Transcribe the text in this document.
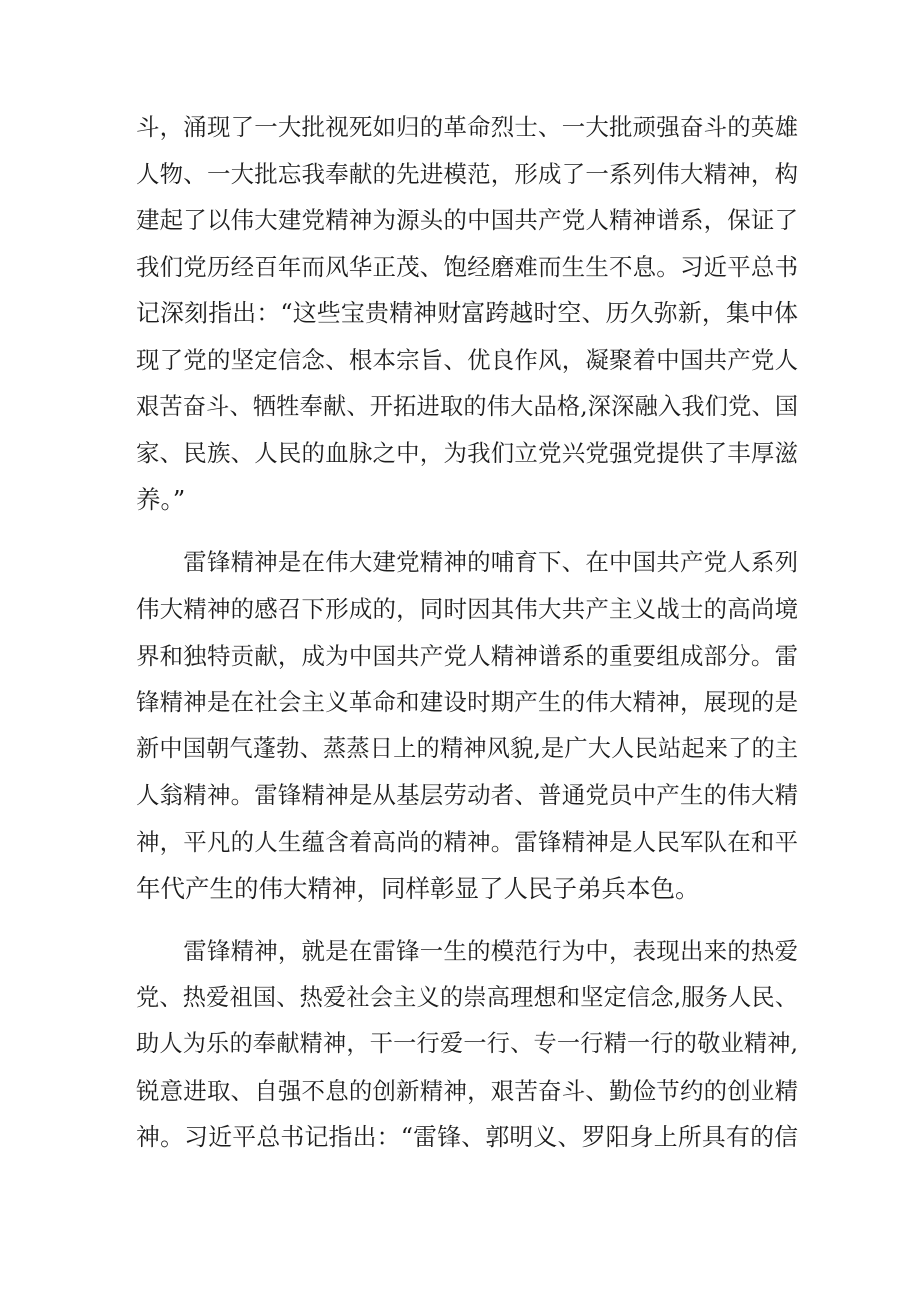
斗，涌现了一大批视死如归的革命烈士、一大批顽强奋斗的英雄
人物、一大批忘我奉献的先进模范，形成了一系列伟大精神，构
建起了以伟大建党精神为源头的中国共产党人精神谱系，保证了
我们党历经百年而风华正茂、饱经磨难而生生不息。习近平总书
记深刻指出：“这些宝贵精神财富跨越时空、历久弥新，集中体
现了党的坚定信念、根本宗旨、优良作风，凝聚着中国共产党人
艰苦奋斗、牺牲奉献、开拓进取的伟大品格,深深融入我们党、国
家、民族、人民的血脉之中，为我们立党兴党强党提供了丰厚滋
养。”

　　雷锋精神是在伟大建党精神的哺育下、在中国共产党人系列
伟大精神的感召下形成的，同时因其伟大共产主义战士的高尚境
界和独特贡献，成为中国共产党人精神谱系的重要组成部分。雷
锋精神是在社会主义革命和建设时期产生的伟大精神，展现的是
新中国朝气蓬勃、蒸蒸日上的精神风貌,是广大人民站起来了的主
人翁精神。雷锋精神是从基层劳动者、普通党员中产生的伟大精
神，平凡的人生蕴含着高尚的精神。雷锋精神是人民军队在和平
年代产生的伟大精神，同样彰显了人民子弟兵本色。

　　雷锋精神，就是在雷锋一生的模范行为中，表现出来的热爱
党、热爱祖国、热爱社会主义的崇高理想和坚定信念,服务人民、
助人为乐的奉献精神，干一行爱一行、专一行精一行的敬业精神,
锐意进取、自强不息的创新精神，艰苦奋斗、勤俭节约的创业精
神。习近平总书记指出：“雷锋、郭明义、罗阳身上所具有的信
